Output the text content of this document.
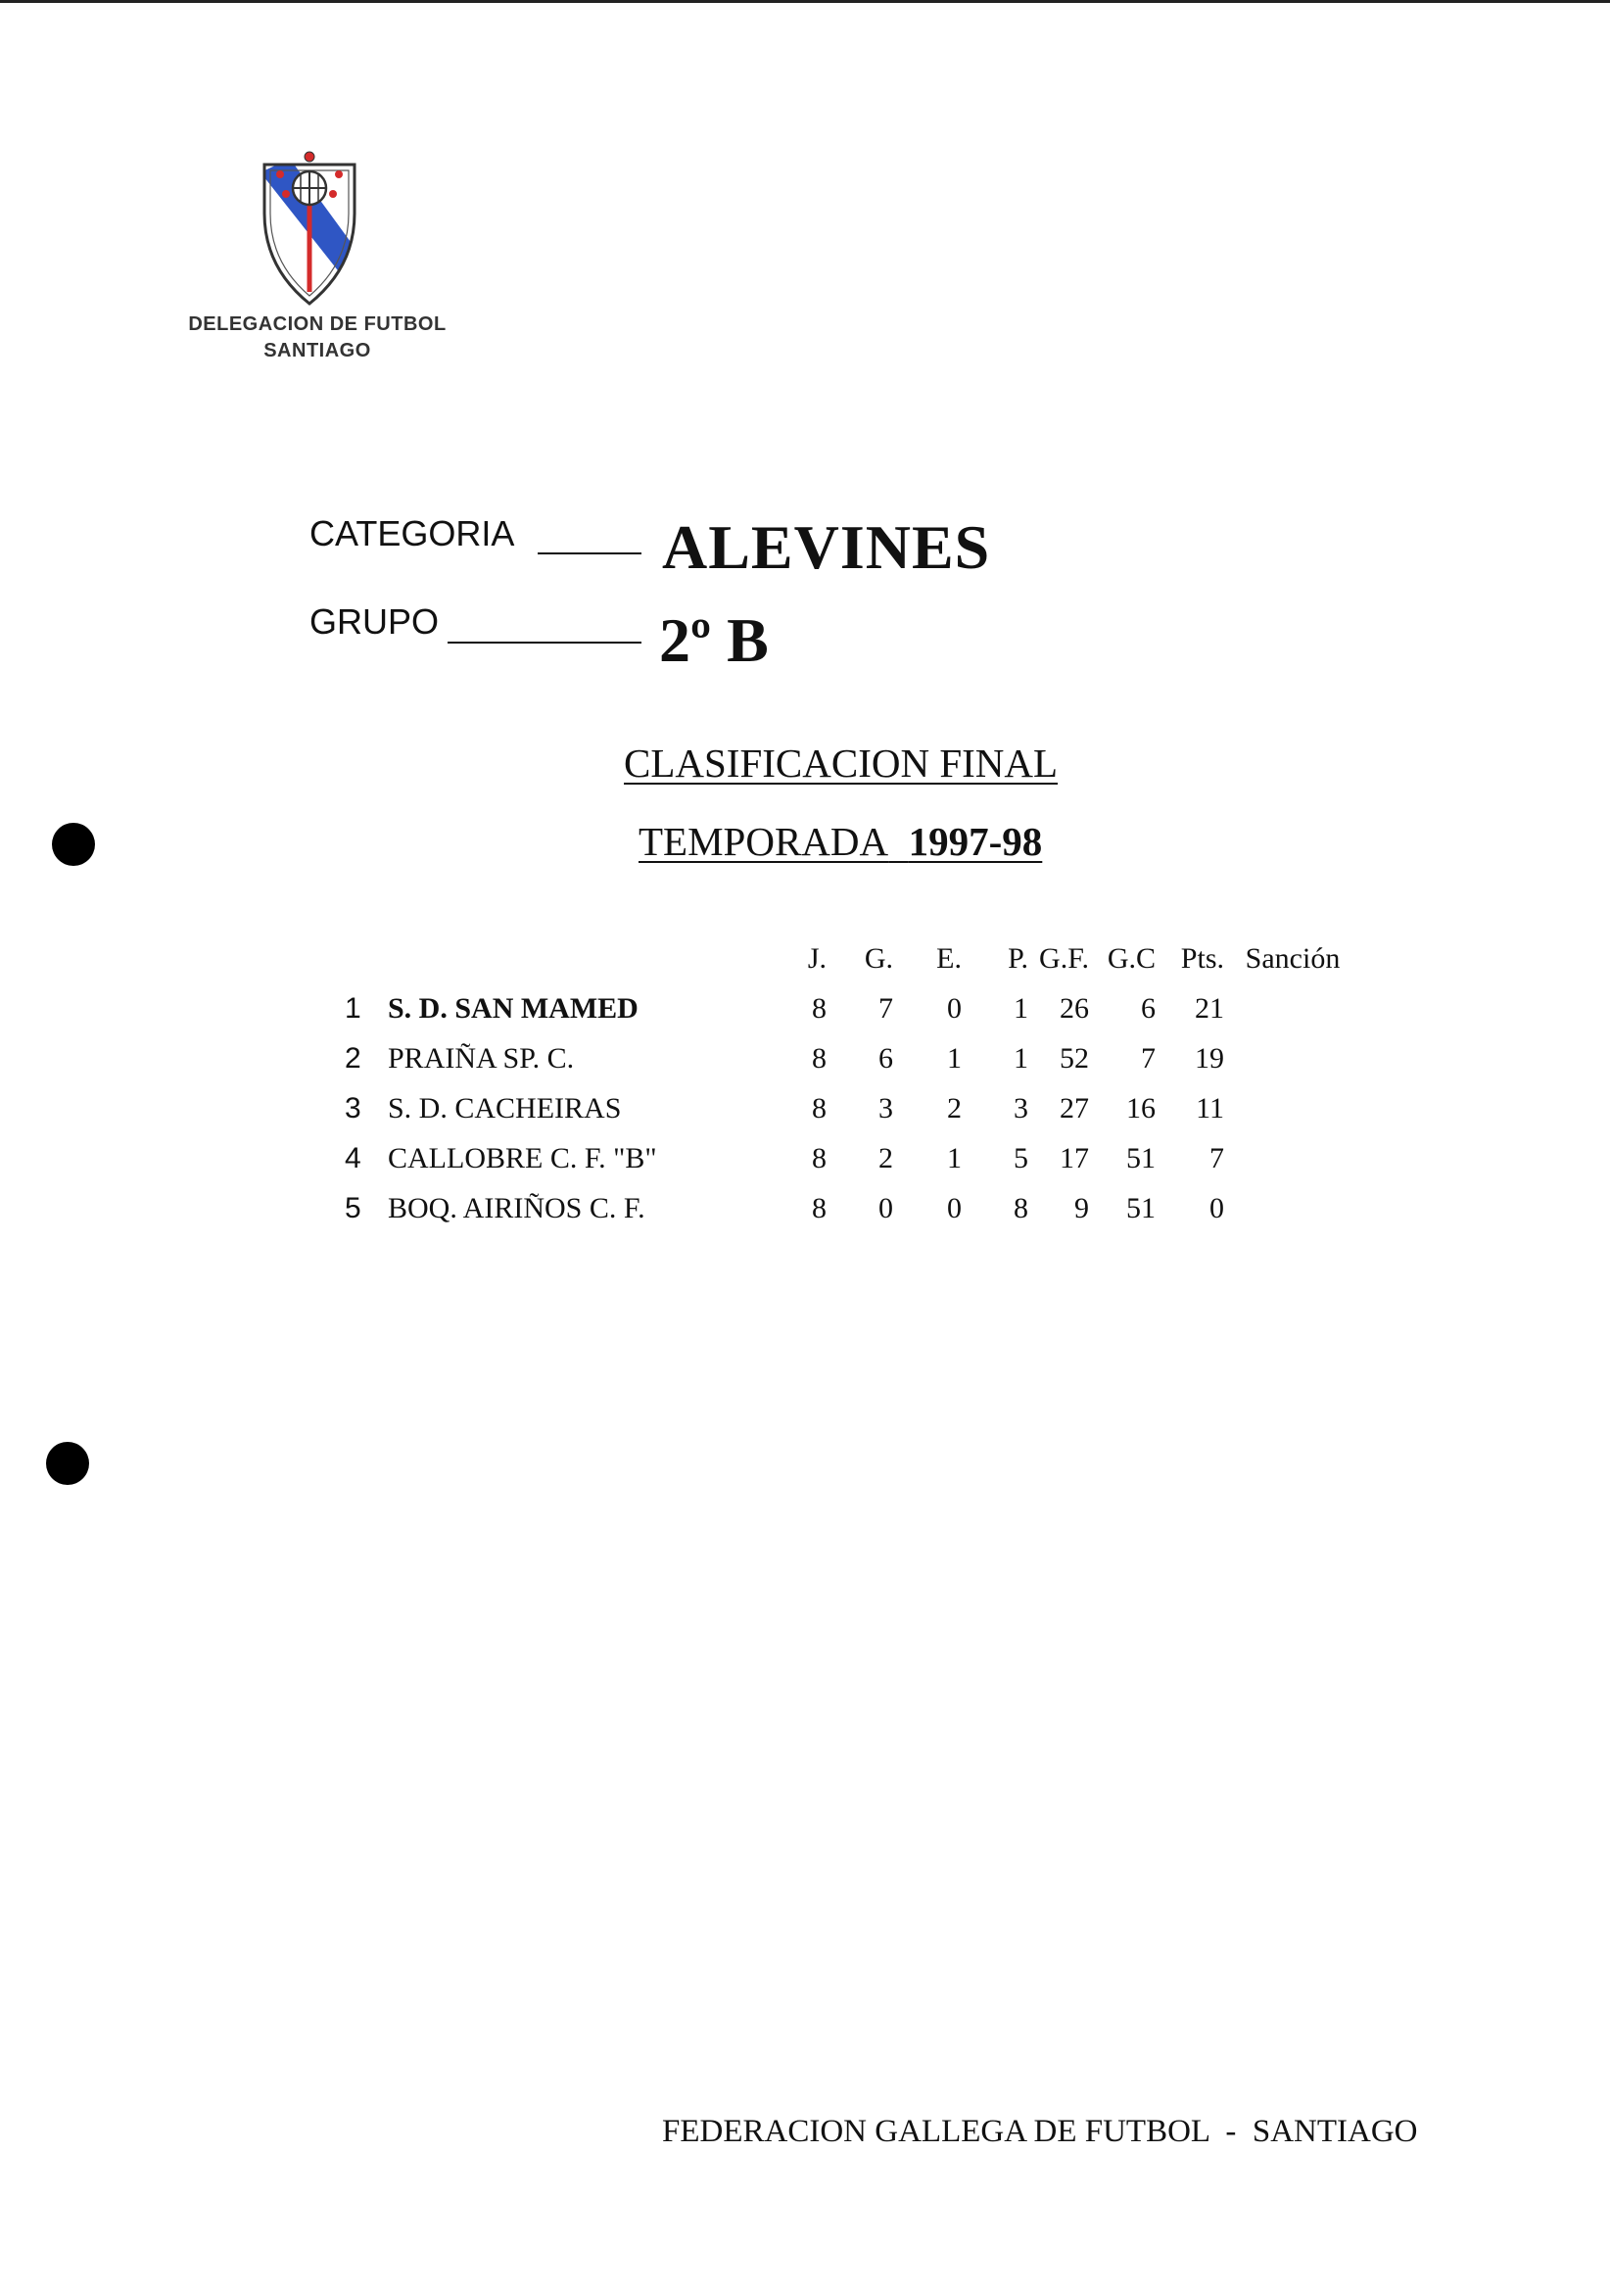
DELEGACION DE FUTBOL
SANTIAGO
CATEGORIA ALEVINES
GRUPO	2º B
CLASIFICACION FINAL
TEMPORADA 1997-98
		J.	G.	E.	P.	G.F.	G.C	Pts.	Sanción
1	S. D. SAN MAMED	8	7	0	1	26	6	21	
2	PRAIÑA SP. C.	8	6	1	1	52	7	19	
3	S. D. CACHEIRAS	8	3	2	3	27	16	11	
4	CALLOBRE C. F. "B"	8	2	1	5	17	51	7	
5	BOQ. AIRIÑOS C. F.	8	0	0	8	9	51	0	
FEDERACION GALLEGA DE FUTBOL - SANTIAGO
